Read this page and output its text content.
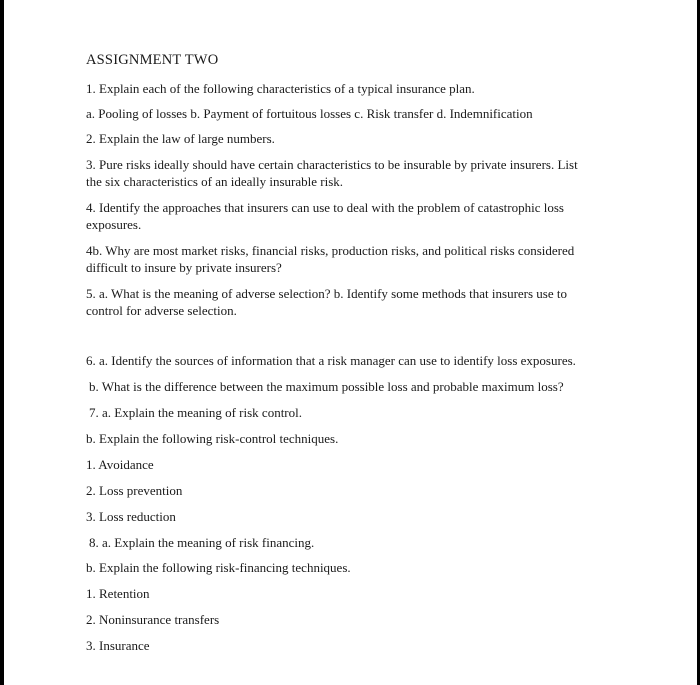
ASSIGNMENT TWO
1. Explain each of the following characteristics of a typical insurance plan.
a. Pooling of losses b. Payment of fortuitous losses c. Risk transfer d. Indemnification
2. Explain the law of large numbers.
3. Pure risks ideally should have certain characteristics to be insurable by private insurers. List
the six characteristics of an ideally insurable risk.
4. Identify the approaches that insurers can use to deal with the problem of catastrophic loss
exposures.
4b. Why are most market risks, financial risks, production risks, and political risks considered
difficult to insure by private insurers?
5. a. What is the meaning of adverse selection? b. Identify some methods that insurers use to
control for adverse selection.
6. a. Identify the sources of information that a risk manager can use to identify loss exposures.
b. What is the difference between the maximum possible loss and probable maximum loss?
7. a. Explain the meaning of risk control.
b. Explain the following risk-control techniques.
1. Avoidance
2. Loss prevention
3. Loss reduction
8. a. Explain the meaning of risk financing.
b. Explain the following risk-financing techniques.
1. Retention
2. Noninsurance transfers
3. Insurance
